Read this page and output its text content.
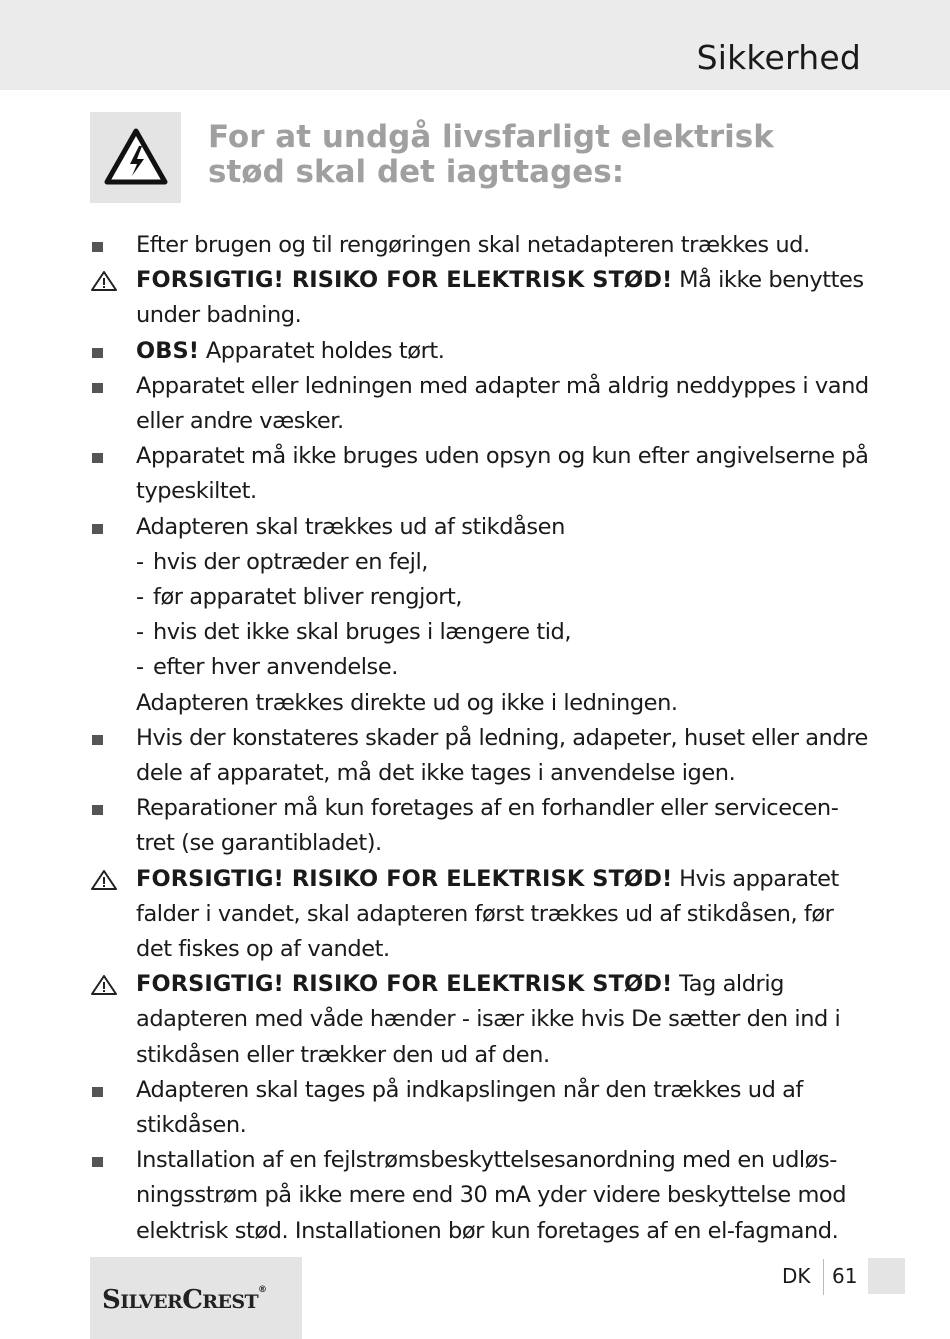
Sikkerhed
For at undgå livsfarligt elektrisk
stød skal det iagttages:
Efter brugen og til rengøringen skal netadapteren trækkes ud.
FORSIGTIG! RISIKO FOR ELEKTRISK STØD! Må ikke benyttes under badning.
OBS! Apparatet holdes tørt.
Apparatet eller ledningen med adapter må aldrig neddyppes i vand eller andre væsker.
Apparatet må ikke bruges uden opsyn og kun efter angivelserne på typeskiltet.
Adapteren skal trækkes ud af stikdåsen
- hvis der optræder en fejl,
- før apparatet bliver rengjort,
- hvis det ikke skal bruges i længere tid,
- efter hver anvendelse.
Adapteren trækkes direkte ud og ikke i ledningen.
Hvis der konstateres skader på ledning, adapeter, huset eller andre dele af apparatet, må det ikke tages i anvendelse igen.
Reparationer må kun foretages af en forhandler eller servicecen-tret (se garantibladet).
FORSIGTIG! RISIKO FOR ELEKTRISK STØD! Hvis apparatet falder i vandet, skal adapteren først trækkes ud af stikdåsen, før det fiskes op af vandet.
FORSIGTIG! RISIKO FOR ELEKTRISK STØD! Tag aldrig adapteren med våde hænder - især ikke hvis De sætter den ind i stikdåsen eller trækker den ud af den.
Adapteren skal tages på indkapslingen når den trækkes ud af stikdåsen.
Installation af en fejlstrømsbeskyttelsesanordning med en udløs-ningsstrøm på ikke mere end 30 mA yder videre beskyttelse mod elektrisk stød. Installationen bør kun foretages af en el-fagmand.
SILVERCREST®
DK 61
